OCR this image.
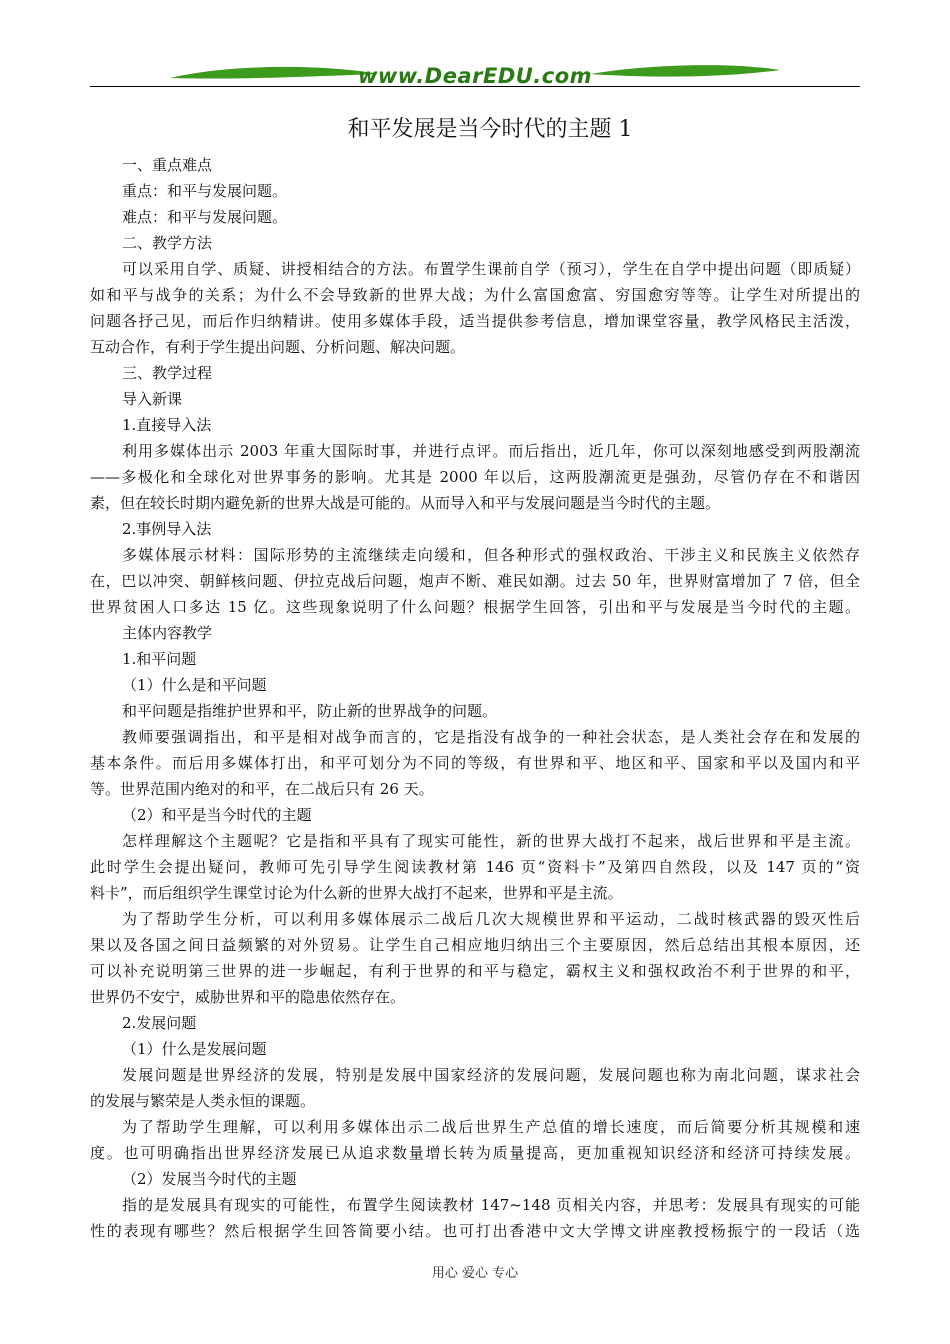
www.DearEDU.com
和平发展是当今时代的主题 1
一、重点难点
重点：和平与发展问题。
难点：和平与发展问题。
二、教学方法
可以采用自学、质疑、讲授相结合的方法。布置学生课前自学（预习），学生在自学中提出问题（即质疑）
如和平与战争的关系；为什么不会导致新的世界大战；为什么富国愈富、穷国愈穷等等。让学生对所提出的
问题各抒己见，而后作归纳精讲。使用多媒体手段，适当提供参考信息，增加课堂容量，教学风格民主活泼，
互动合作，有利于学生提出问题、分析问题、解决问题。
三、教学过程
导入新课
1.直接导入法
利用多媒体出示 2003 年重大国际时事，并进行点评。而后指出，近几年，你可以深刻地感受到两股潮流
——多极化和全球化对世界事务的影响。尤其是 2000 年以后，这两股潮流更是强劲，尽管仍存在不和谐因
素，但在较长时期内避免新的世界大战是可能的。从而导入和平与发展问题是当今时代的主题。
2.事例导入法
多媒体展示材料：国际形势的主流继续走向缓和，但各种形式的强权政治、干涉主义和民族主义依然存
在，巴以冲突、朝鲜核问题、伊拉克战后问题，炮声不断、难民如潮。过去 50 年，世界财富增加了 7 倍，但全
世界贫困人口多达 15 亿。这些现象说明了什么问题？根据学生回答，引出和平与发展是当今时代的主题。
主体内容教学
1.和平问题
（1）什么是和平问题
和平问题是指维护世界和平，防止新的世界战争的问题。
教师要强调指出，和平是相对战争而言的，它是指没有战争的一种社会状态，是人类社会存在和发展的
基本条件。而后用多媒体打出，和平可划分为不同的等级，有世界和平、地区和平、国家和平以及国内和平
等。世界范围内绝对的和平，在二战后只有 26 天。
（2）和平是当今时代的主题
怎样理解这个主题呢？它是指和平具有了现实可能性，新的世界大战打不起来，战后世界和平是主流。
此时学生会提出疑问，教师可先引导学生阅读教材第 146 页“资料卡”及第四自然段，以及 147 页的“资
料卡”，而后组织学生课堂讨论为什么新的世界大战打不起来，世界和平是主流。
为了帮助学生分析，可以利用多媒体展示二战后几次大规模世界和平运动，二战时核武器的毁灭性后
果以及各国之间日益频繁的对外贸易。让学生自己相应地归纳出三个主要原因，然后总结出其根本原因，还
可以补充说明第三世界的进一步崛起，有利于世界的和平与稳定，霸权主义和强权政治不利于世界的和平，
世界仍不安宁，威胁世界和平的隐患依然存在。
2.发展问题
（1）什么是发展问题
发展问题是世界经济的发展，特别是发展中国家经济的发展问题，发展问题也称为南北问题，谋求社会
的发展与繁荣是人类永恒的课题。
为了帮助学生理解，可以利用多媒体出示二战后世界生产总值的增长速度，而后简要分析其规模和速
度。也可明确指出世界经济发展已从追求数量增长转为质量提高，更加重视知识经济和经济可持续发展。
（2）发展当今时代的主题
指的是发展具有现实的可能性，布置学生阅读教材 147~148 页相关内容，并思考：发展具有现实的可能
性的表现有哪些？然后根据学生回答简要小结。也可打出香港中文大学博文讲座教授杨振宁的一段话（选
用心 爱心 专心
